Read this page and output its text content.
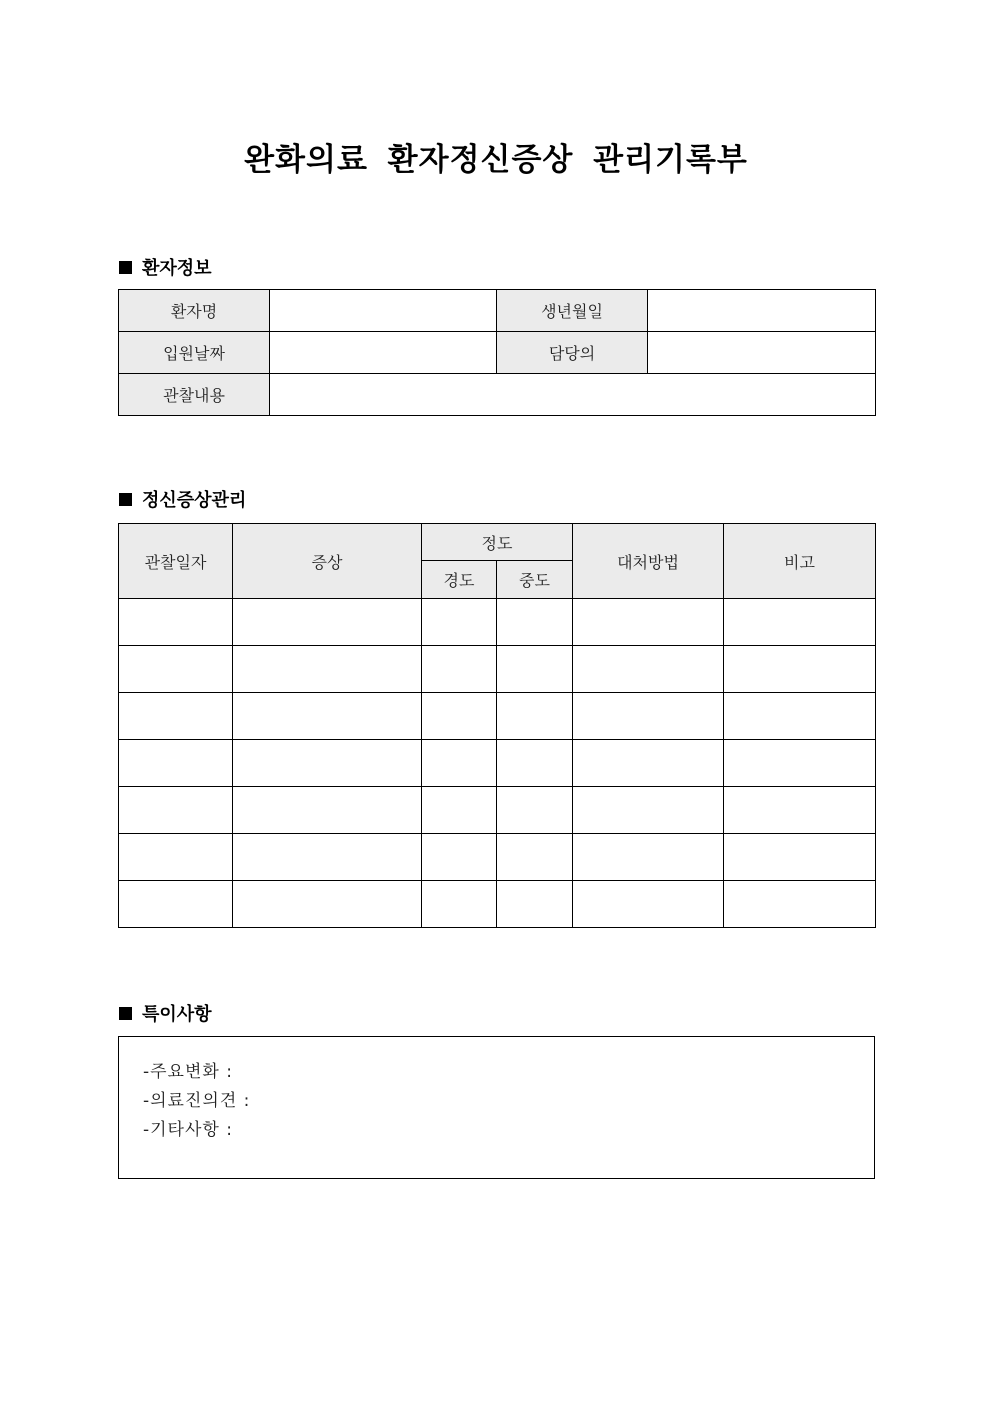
완화의료 환자정신증상 관리기록부
환자정보
환자명		생년월일	
입원날짜		담당의	
관찰내용			
정신증상관리
관찰일자	증상	정도		대처방법	비고
		경도	중도		

특이사항
-주요변화 :
-의료진의견 :
-기타사항 :
